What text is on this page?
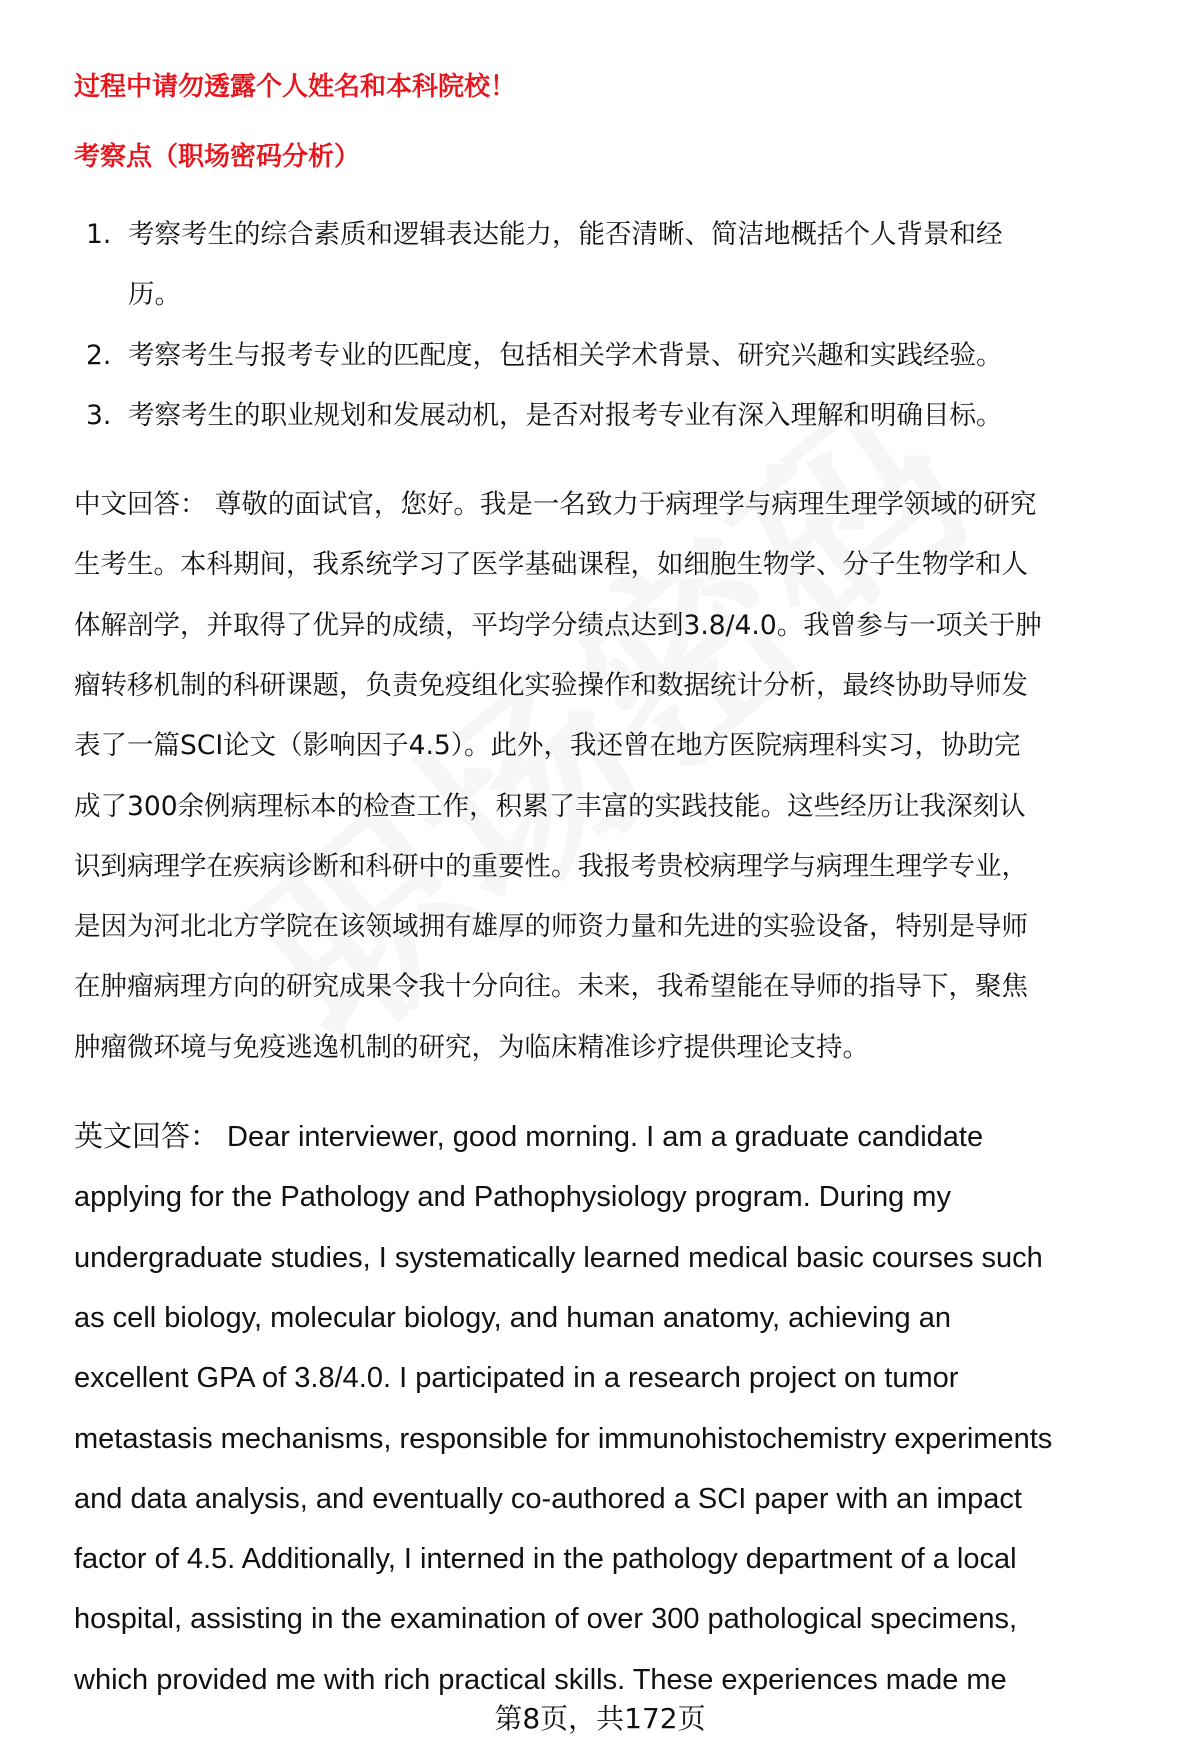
过程中请勿透露个人姓名和本科院校！
考察点（职场密码分析）
1. 考察考生的综合素质和逻辑表达能力，能否清晰、简洁地概括个人背景和经
历。
2. 考察考生与报考专业的匹配度，包括相关学术背景、研究兴趣和实践经验。
3. 考察考生的职业规划和发展动机，是否对报考专业有深入理解和明确目标。
中文回答： 尊敬的面试官，您好。我是一名致力于病理学与病理生理学领域的研究
生考生。本科期间，我系统学习了医学基础课程，如细胞生物学、分子生物学和人
体解剖学，并取得了优异的成绩，平均学分绩点达到3.8/4.0。我曾参与一项关于肿
瘤转移机制的科研课题，负责免疫组化实验操作和数据统计分析，最终协助导师发
表了一篇SCI论文（影响因子4.5）。此外，我还曾在地方医院病理科实习，协助完
成了300余例病理标本的检查工作，积累了丰富的实践技能。这些经历让我深刻认
识到病理学在疾病诊断和科研中的重要性。我报考贵校病理学与病理生理学专业，
是因为河北北方学院在该领域拥有雄厚的师资力量和先进的实验设备，特别是导师
在肿瘤病理方向的研究成果令我十分向往。未来，我希望能在导师的指导下，聚焦
肿瘤微环境与免疫逃逸机制的研究，为临床精准诊疗提供理论支持。
英文回答： Dear interviewer, good morning. I am a graduate candidate
applying for the Pathology and Pathophysiology program. During my
undergraduate studies, I systematically learned medical basic courses such
as cell biology, molecular biology, and human anatomy, achieving an
excellent GPA of 3.8/4.0. I participated in a research project on tumor
metastasis mechanisms, responsible for immunohistochemistry experiments
and data analysis, and eventually co-authored a SCI paper with an impact
factor of 4.5. Additionally, I interned in the pathology department of a local
hospital, assisting in the examination of over 300 pathological specimens,
which provided me with rich practical skills. These experiences made me
第8页，共172页
